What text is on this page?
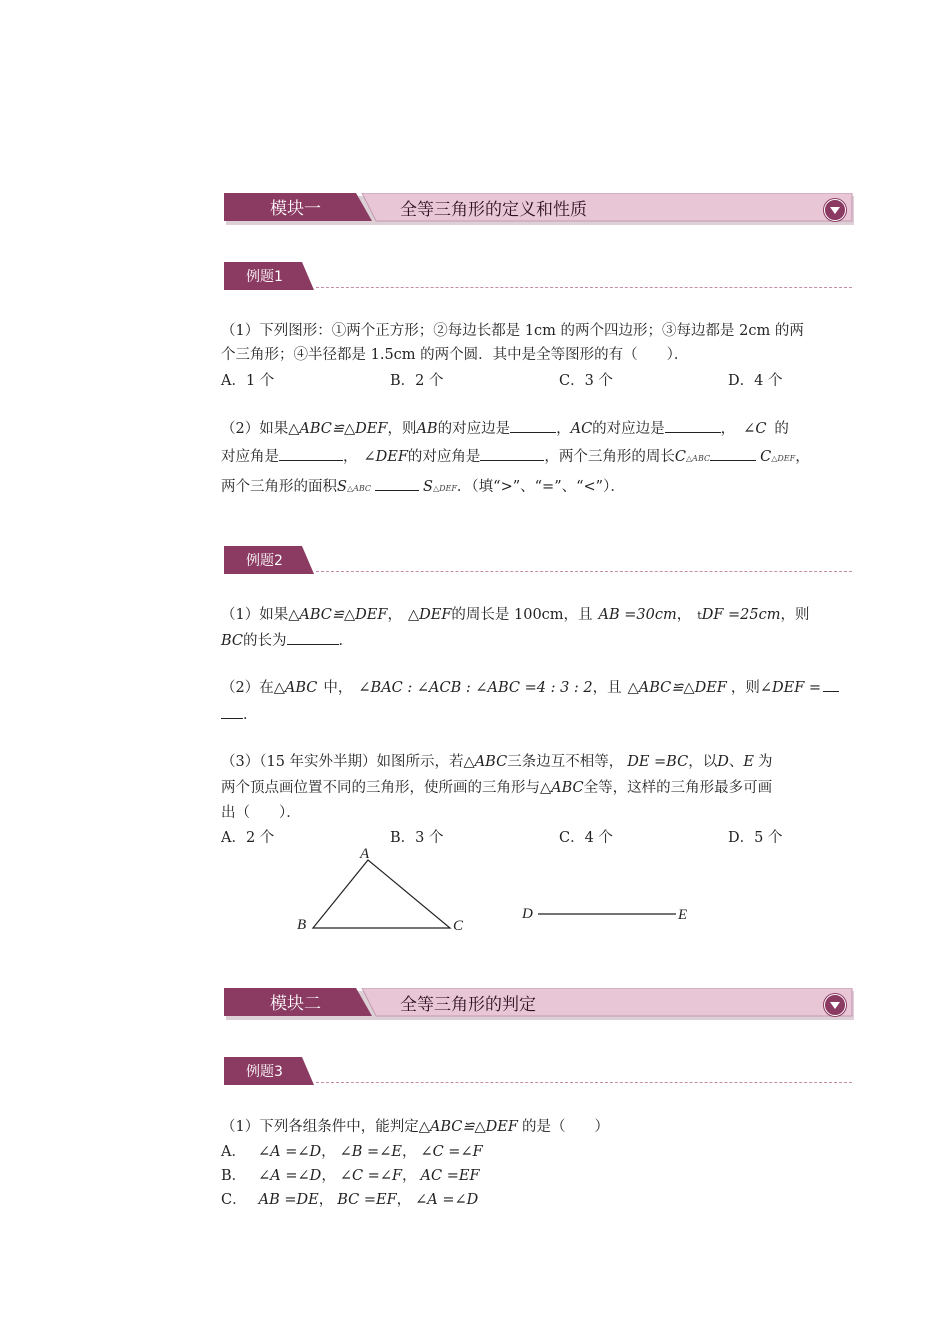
模块一	全等三角形的定义和性质
例题1
（1）下列图形：①两个正方形；②每边长都是 1cm 的两个四边形；③每边都是 2cm 的两
个三角形；④半径都是 1.5cm 的两个圆．其中是全等图形的有（　　）．
A．1 个	B．2 个	C．3 个	D．4 个
（2）如果△ABC≌△DEF，则AB的对应边是	，AC的对应边是	， ∠C 的
对应角是	， ∠DEF的对应角是	，两个三角形的周长C△ABC	C△DEF，
两个三角形的面积S△ABC	S△DEF．（填“>”、“=”、“<”）．
例题2
（1）如果△ABC≌△DEF， △DEF的周长是 100cm，且 AB =30cm， tDF =25cm，则
BC的长为	．
（2）在△ABC 中， ∠BAC : ∠ACB : ∠ABC =4 : 3 : 2，且 △ABC≌△DEF ，则∠DEF =
．
（3）（15 年实外半期）如图所示，若△ABC三条边互不相等， DE =BC，以D、E 为
两个顶点画位置不同的三角形，使所画的三角形与△ABC全等，这样的三角形最多可画
出（　　）．
A．2 个	B．3 个	C．4 个	D．5 个
A
B	C
D	E
模块二	全等三角形的判定
例题3
（1）下列各组条件中，能判定△ABC≌△DEF 的是（　　）
A． ∠A =∠D， ∠B =∠E， ∠C =∠F
B． ∠A =∠D， ∠C =∠F， AC =EF
C． AB =DE， BC =EF， ∠A =∠D
